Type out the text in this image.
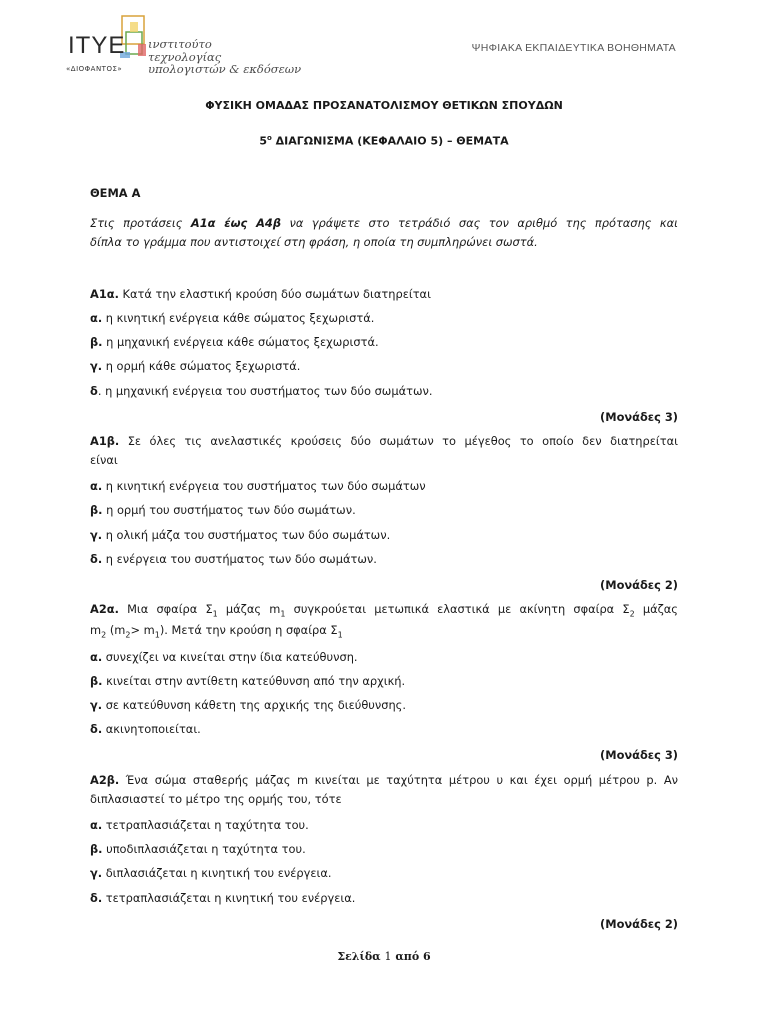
ITYE
«ΔΙΟΦΑΝΤΟΣ»
ινστιτούτο
τεχνολογίας
υπολογιστών & εκδόσεων
ΨΗΦΙΑΚΑ ΕΚΠΑΙΔΕΥΤΙΚΑ ΒΟΗΘΗΜΑΤΑ
ΦΥΣΙΚΗ ΟΜΑΔΑΣ ΠΡΟΣΑΝΑΤΟΛΙΣΜΟΥ ΘΕΤΙΚΩΝ ΣΠΟΥΔΩΝ
$5^o$ ΔΙΑΓΩΝΙΣΜΑ (ΚΕΦΑΛΑΙΟ 5) – ΘΕΜΑΤΑ
ΘΕΜΑ Α
Στις προτάσεις Α1α έως Α4β να γράψετε στο τετράδιό σας τον αριθμό της πρότασης και
δίπλα το γράμμα που αντιστοιχεί στη φράση, η οποία τη συμπληρώνει σωστά.
Α1α. Κατά την ελαστική κρούση δύο σωμάτων διατηρείται
α. η κινητική ενέργεια κάθε σώματος ξεχωριστά.
β. η μηχανική ενέργεια κάθε σώματος ξεχωριστά.
γ. η ορμή κάθε σώματος ξεχωριστά.
δ. η μηχανική ενέργεια του συστήματος των δύο σωμάτων.
(Μονάδες 3)
Α1β. Σε όλες τις ανελαστικές κρούσεις δύο σωμάτων το μέγεθος το οποίο δεν διατηρείται
είναι
α. η κινητική ενέργεια του συστήματος των δύο σωμάτων
β. η ορμή του συστήματος των δύο σωμάτων.
γ. η ολική μάζα του συστήματος των δύο σωμάτων.
δ. η ενέργεια του συστήματος των δύο σωμάτων.
(Μονάδες 2)
Α2α. Μια σφαίρα $\Sigma_1$ μάζας $m_1$ συγκρούεται μετωπικά ελαστικά με ακίνητη σφαίρα $\Sigma_2$ μάζας
$m_2$ $(m_2> m_1)$. Μετά την κρούση η σφαίρα $\Sigma_1$
α. συνεχίζει να κινείται στην ίδια κατεύθυνση.
β. κινείται στην αντίθετη κατεύθυνση από την αρχική.
γ. σε κατεύθυνση κάθετη της αρχικής της διεύθυνσης.
δ. ακινητοποιείται.
(Μονάδες 3)
Α2β. Ένα σώμα σταθερής μάζας m κινείται με ταχύτητα μέτρου υ και έχει ορμή μέτρου p. Αν
διπλασιαστεί το μέτρο της ορμής του, τότε
α. τετραπλασιάζεται η ταχύτητα του.
β. υποδιπλασιάζεται η ταχύτητα του.
γ. διπλασιάζεται η κινητική του ενέργεια.
δ. τετραπλασιάζεται η κινητική του ενέργεια.
(Μονάδες 2)
Σελίδα 1 από 6
